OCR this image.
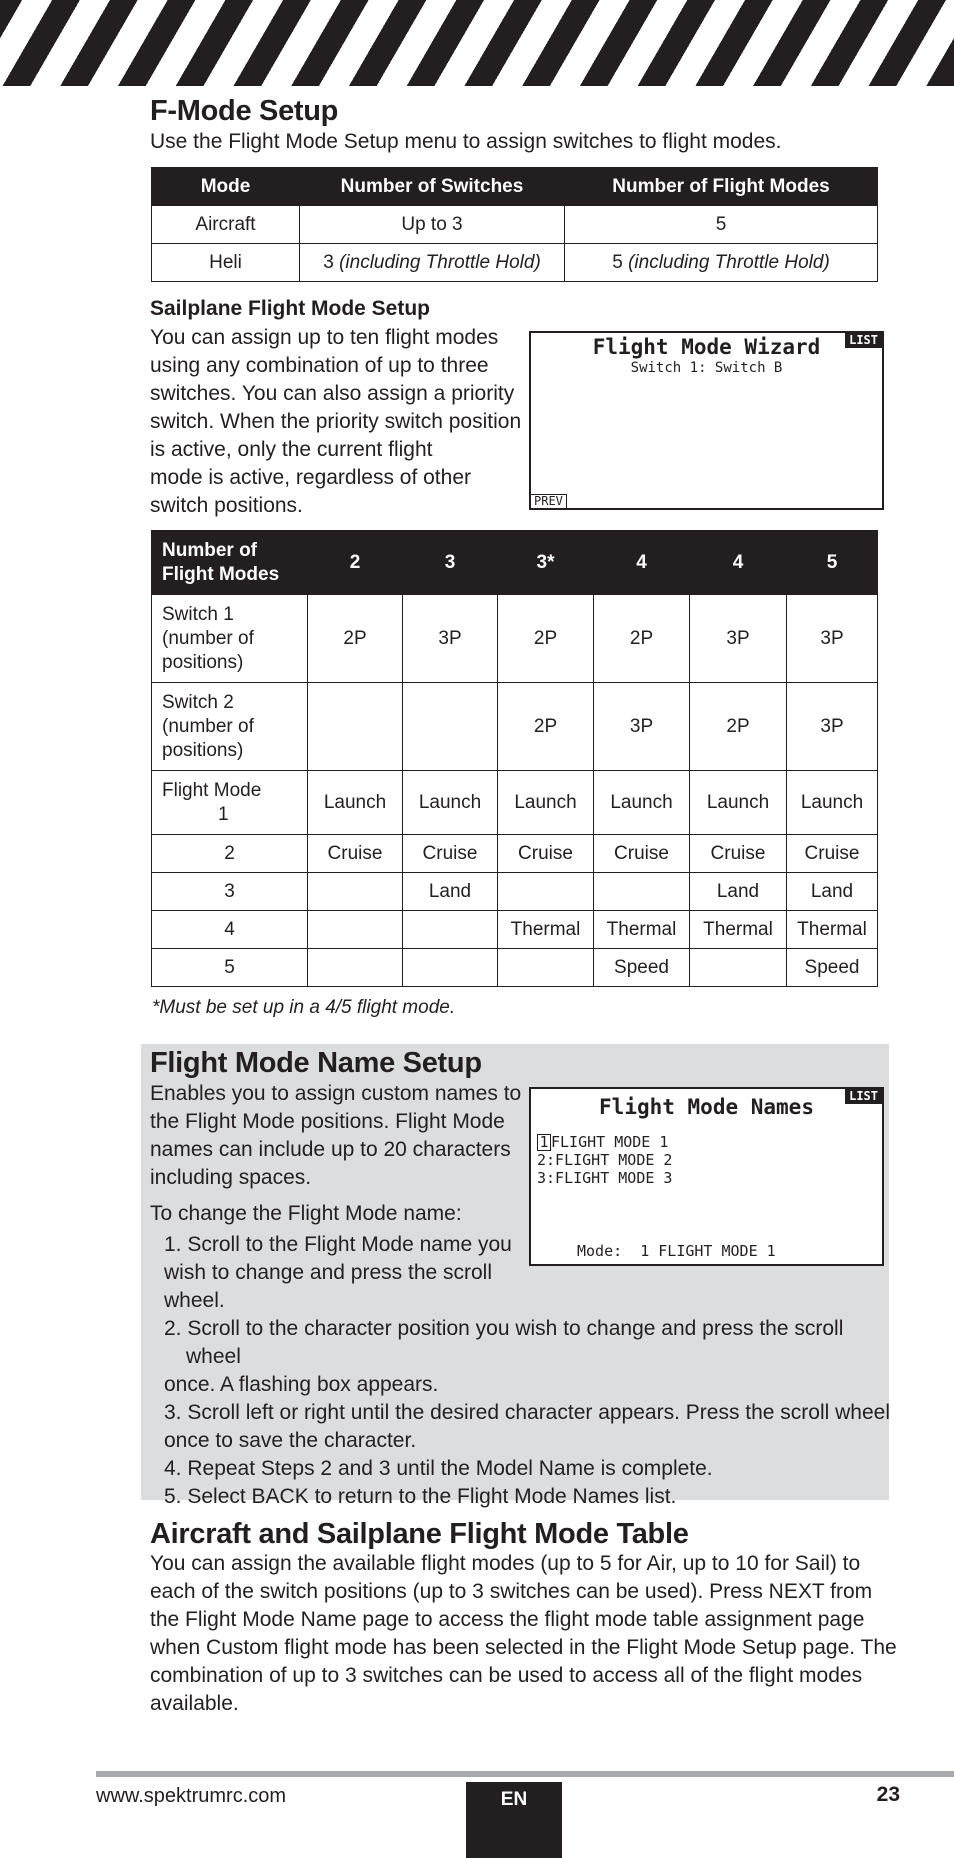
F-Mode Setup
Use the Flight Mode Setup menu to assign switches to flight modes.
Mode	Number of Switches	Number of Flight Modes
Aircraft	Up to 3	5
Heli	3 (including Throttle Hold)	5 (including Throttle Hold)
Sailplane Flight Mode Setup
You can assign up to ten flight modes
using any combination of up to three
switches. You can also assign a priority
switch. When the priority switch position
is active, only the current flight
mode is active, regardless of other
switch positions.
Flight Mode Wizard
Switch 1: Switch B
LIST
PREV
Number of
Flight Modes	2	3	3*	4	4	5

Switch 1
(number of
positions)	2P	3P	2P	2P	3P	3P

Switch 2
(number of
positions)			2P	3P	2P	3P

Flight Mode
1	Launch	Launch	Launch	Launch	Launch	Launch
2	Cruise	Cruise	Cruise	Cruise	Cruise	Cruise
3		Land			Land	Land
4			Thermal	Thermal	Thermal	Thermal
5				Speed		Speed
*Must be set up in a 4/5 flight mode.
Flight Mode Name Setup
Enables you to assign custom names to
the Flight Mode positions. Flight Mode
names can include up to 20 characters
including spaces.
To change the Flight Mode name:
1. Scroll to the Flight Mode name you
wish to change and press the scroll
wheel.
2. Scroll to the character position you wish to change and press the scroll wheel
once. A flashing box appears.
3. Scroll left or right until the desired character appears. Press the scroll wheel
once to save the character.
4. Repeat Steps 2 and 3 until the Model Name is complete.
5. Select BACK to return to the Flight Mode Names list.
Flight Mode Names	LIST
1 FLIGHT MODE 1
2:FLIGHT MODE 2
3:FLIGHT MODE 3
Mode:  1 FLIGHT MODE 1
Aircraft and Sailplane Flight Mode Table
You can assign the available flight modes (up to 5 for Air, up to 10 for Sail) to
each of the switch positions (up to 3 switches can be used). Press NEXT from
the Flight Mode Name page to access the flight mode table assignment page
when Custom flight mode has been selected in the Flight Mode Setup page. The
combination of up to 3 switches can be used to access all of the flight modes
available.
www.spektrumrc.com	EN	23
